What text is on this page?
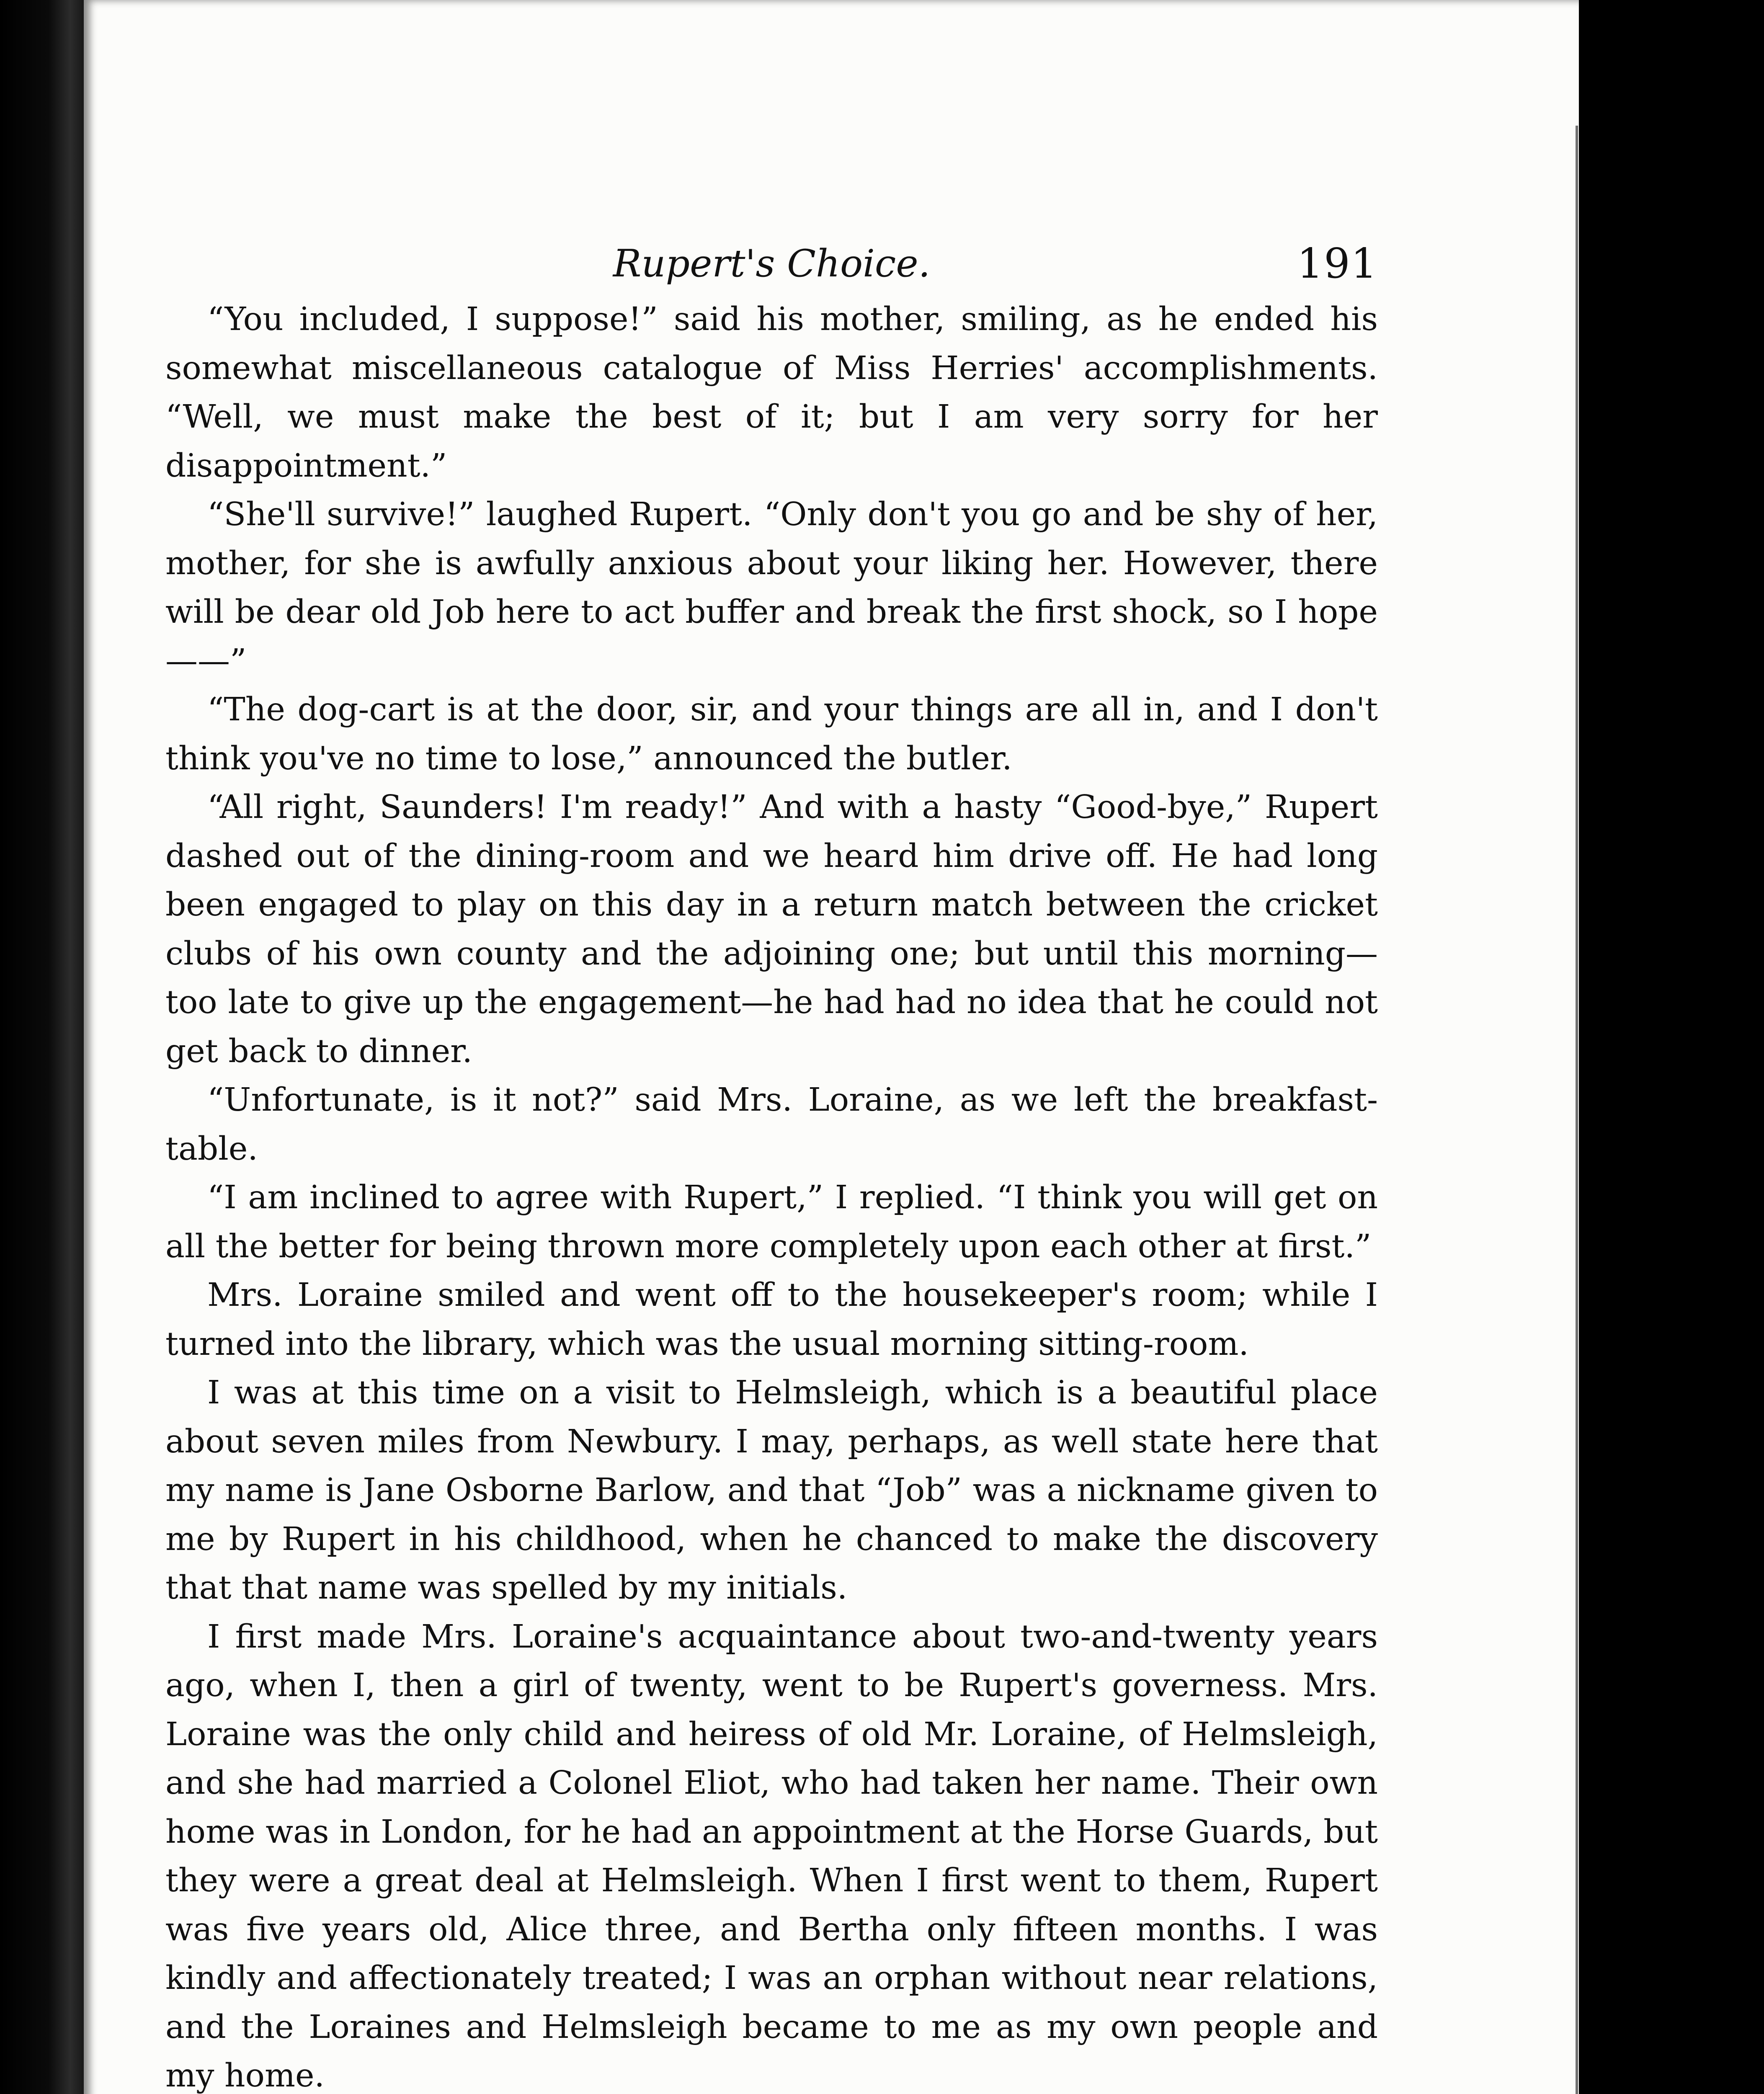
Rupert's Choice.	191

“You included, I suppose!” said his mother, smiling, as he ended his somewhat miscellaneous catalogue of Miss Herries' accomplishments. “Well, we must make the best of it; but I am very sorry for her disappointment.”

“She'll survive!” laughed Rupert. “Only don't you go and be shy of her, mother, for she is awfully anxious about your liking her. However, there will be dear old Job here to act buffer and break the first shock, so I hope ——”

“The dog-cart is at the door, sir, and your things are all in, and I don't think you've no time to lose,” announced the butler.

“All right, Saunders! I'm ready!” And with a hasty “Good-bye,” Rupert dashed out of the dining-room and we heard him drive off. He had long been engaged to play on this day in a return match between the cricket clubs of his own county and the adjoining one; but until this morning—too late to give up the engagement—he had had no idea that he could not get back to dinner.

“Unfortunate, is it not?” said Mrs. Loraine, as we left the breakfast-table.

“I am inclined to agree with Rupert,” I replied. “I think you will get on all the better for being thrown more completely upon each other at first.”

Mrs. Loraine smiled and went off to the housekeeper's room; while I turned into the library, which was the usual morning sitting-room.

I was at this time on a visit to Helmsleigh, which is a beautiful place about seven miles from Newbury. I may, perhaps, as well state here that my name is Jane Osborne Barlow, and that “Job” was a nickname given to me by Rupert in his childhood, when he chanced to make the discovery that that name was spelled by my initials.

I first made Mrs. Loraine's acquaintance about two-and-twenty years ago, when I, then a girl of twenty, went to be Rupert's governess. Mrs. Loraine was the only child and heiress of old Mr. Loraine, of Helmsleigh, and she had married a Colonel Eliot, who had taken her name. Their own home was in London, for he had an appointment at the Horse Guards, but they were a great deal at Helmsleigh. When I first went to them, Rupert was five years old, Alice three, and Bertha only fifteen months. I was kindly and affectionately treated; I was an orphan without near relations, and the Loraines and Helmsleigh became to me as my own people and my home.
